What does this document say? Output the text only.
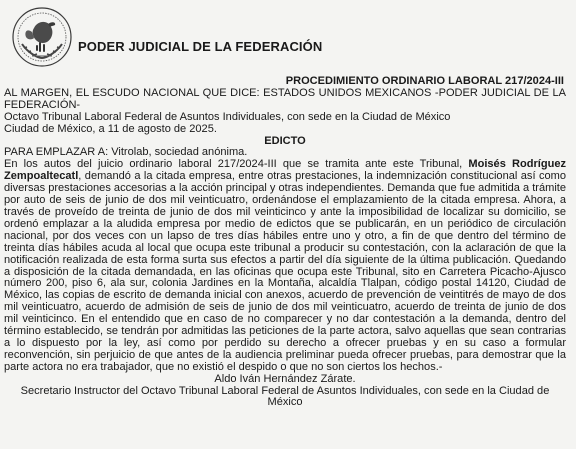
PODER JUDICIAL DE LA FEDERACIÓN
PROCEDIMIENTO ORDINARIO LABORAL 217/2024-III
AL MARGEN, EL ESCUDO NACIONAL QUE DICE: ESTADOS UNIDOS MEXICANOS -PODER JUDICIAL DE LA FEDERACIÓN-
Octavo Tribunal Laboral Federal de Asuntos Individuales, con sede en la Ciudad de México
Ciudad de México, a 11 de agosto de 2025.
EDICTO
PARA EMPLAZAR A: Vitrolab, sociedad anónima.
En los autos del juicio ordinario laboral 217/2024-III que se tramita ante este Tribunal, Moisés Rodríguez Zempoaltecatl, demandó a la citada empresa, entre otras prestaciones, la indemnización constitucional así como diversas prestaciones accesorias a la acción principal y otras independientes. Demanda que fue admitida a trámite por auto de seis de junio de dos mil veinticuatro, ordenándose el emplazamiento de la citada empresa. Ahora, a través de proveído de treinta de junio de dos mil veinticinco y ante la imposibilidad de localizar su domicilio, se ordenó emplazar a la aludida empresa por medio de edictos que se publicarán, en un periódico de circulación nacional, por dos veces con un lapso de tres días hábiles entre uno y otro, a fin de que dentro del término de treinta días hábiles acuda al local que ocupa este tribunal a producir su contestación, con la aclaración de que la notificación realizada de esta forma surta sus efectos a partir del día siguiente de la última publicación. Quedando a disposición de la citada demandada, en las oficinas que ocupa este Tribunal, sito en Carretera Picacho-Ajusco número 200, piso 6, ala sur, colonia Jardines en la Montaña, alcaldía Tlalpan, código postal 14120, Ciudad de México, las copias de escrito de demanda inicial con anexos, acuerdo de prevención de veintitrés de mayo de dos mil veinticuatro, acuerdo de admisión de seis de junio de dos mil veinticuatro, acuerdo de treinta de junio de dos mil veinticinco. En el entendido que en caso de no comparecer y no dar contestación a la demanda, dentro del término establecido, se tendrán por admitidas las peticiones de la parte actora, salvo aquellas que sean contrarias a lo dispuesto por la ley, así como por perdido su derecho a ofrecer pruebas y en su caso a formular reconvención, sin perjuicio de que antes de la audiencia preliminar pueda ofrecer pruebas, para demostrar que la parte actora no era trabajador, que no existió el despido o que no son ciertos los hechos.-
Aldo Iván Hernández Zárate.
Secretario Instructor del Octavo Tribunal Laboral Federal de Asuntos Individuales, con sede en la Ciudad de México
